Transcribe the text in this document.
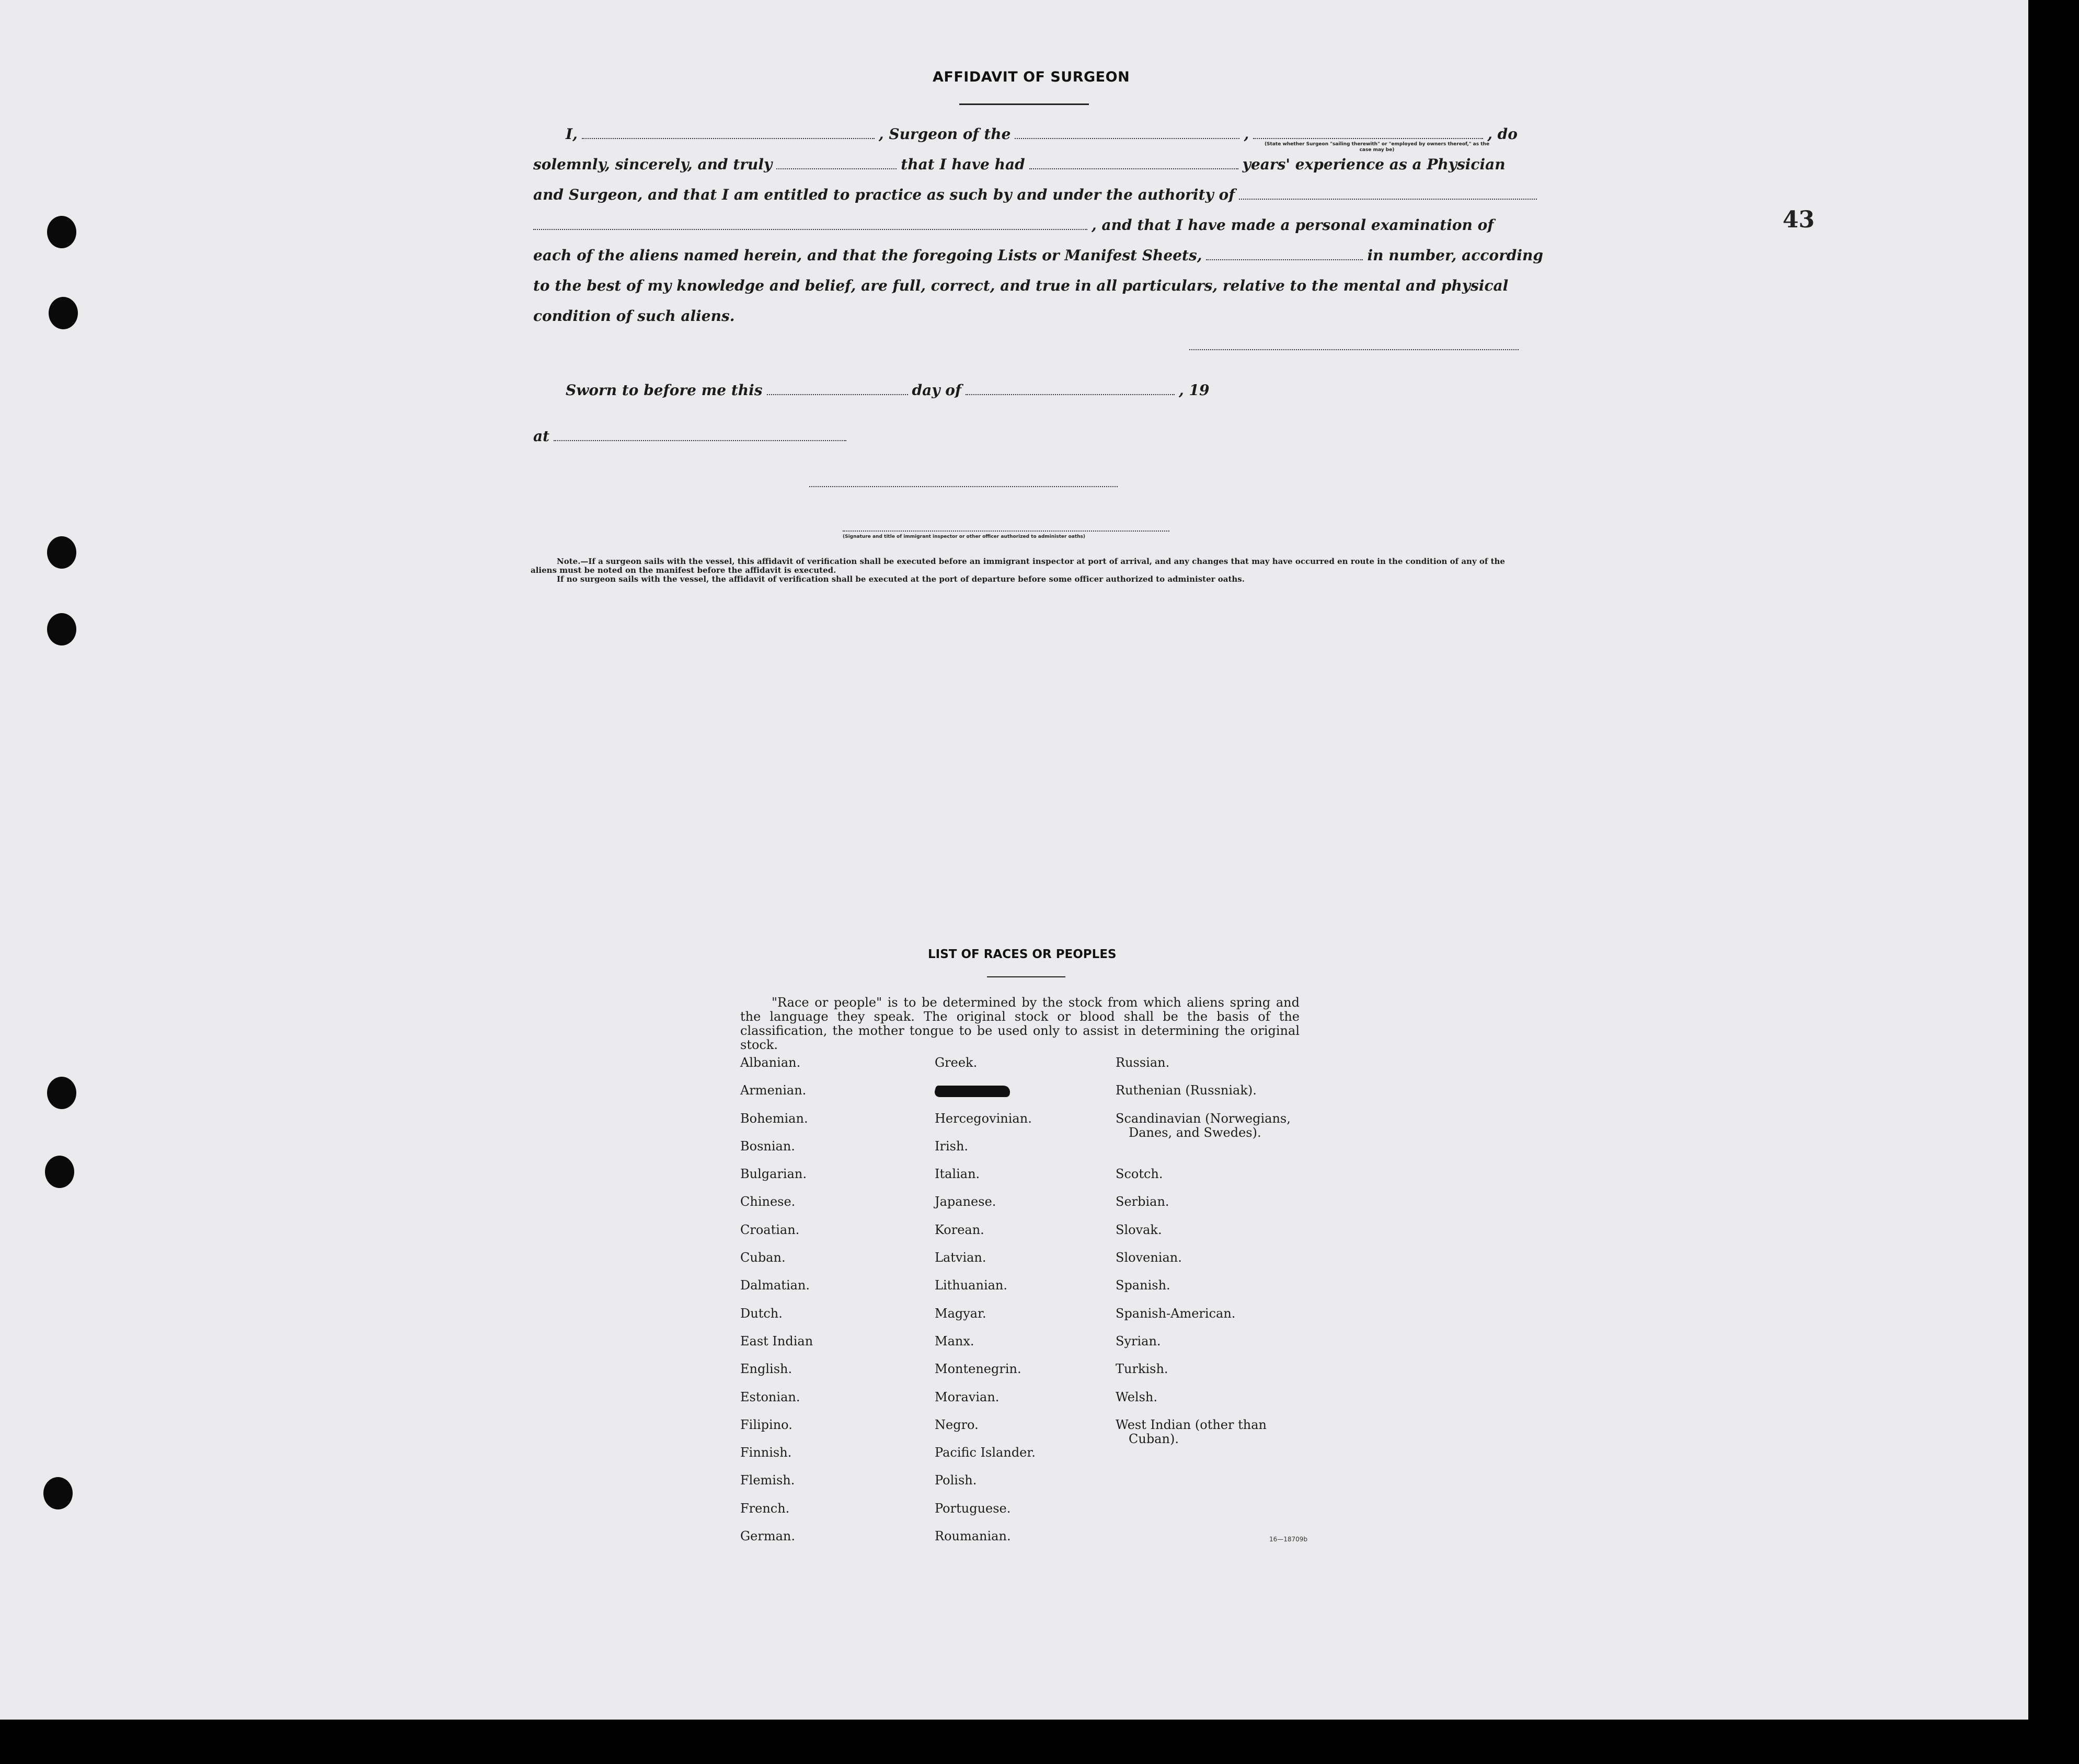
43
AFFIDAVIT OF SURGEON
I,	, Surgeon of the	,	, do
(State whether Surgeon "sailing therewith" or "employed by owners thereof," as the case may be)
solemnly, sincerely, and truly	that I have had	years' experience as a Physician
and Surgeon, and that I am entitled to practice as such by and under the authority of
, and that I have made a personal examination of
each of the aliens named herein, and that the foregoing Lists or Manifest Sheets,	in number, according
to the best of my knowledge and belief, are full, correct, and true in all particulars, relative to the mental and physical
condition of such aliens.
Sworn to before me this	day of	, 19
at
(Signature and title of immigrant inspector or other officer authorized to administer oaths)

Note.—If a surgeon sails with the vessel, this affidavit of verification shall be executed before an immigrant inspector at port of arrival, and any changes that may have occurred en route in the condition of any of the aliens must be noted on the manifest before the affidavit is executed.

If no surgeon sails with the vessel, the affidavit of verification shall be executed at the port of departure before some officer authorized to administer oaths.

LIST OF RACES OR PEOPLES
"Race or people" is to be determined by the stock from which aliens spring and the language they speak. The original stock or blood shall be the basis of the classification, the mother tongue to be used only to assist in determining the original stock.
Albanian.
Armenian.
Bohemian.
Bosnian.
Bulgarian.
Chinese.
Croatian.
Cuban.
Dalmatian.
Dutch.
East Indian
English.
Estonian.
Filipino.
Finnish.
Flemish.
French.
German.
Greek.
Hercegovinian.
Irish.
Italian.
Japanese.
Korean.
Latvian.
Lithuanian.
Magyar.
Manx.
Montenegrin.
Moravian.
Negro.
Pacific Islander.
Polish.
Portuguese.
Roumanian.
Russian.
Ruthenian (Russniak).
Scandinavian (Norwegians,
Danes, and Swedes).
Scotch.
Serbian.
Slovak.
Slovenian.
Spanish.
Spanish-American.
Syrian.
Turkish.
Welsh.
West Indian (other than
Cuban).
16—18709b
